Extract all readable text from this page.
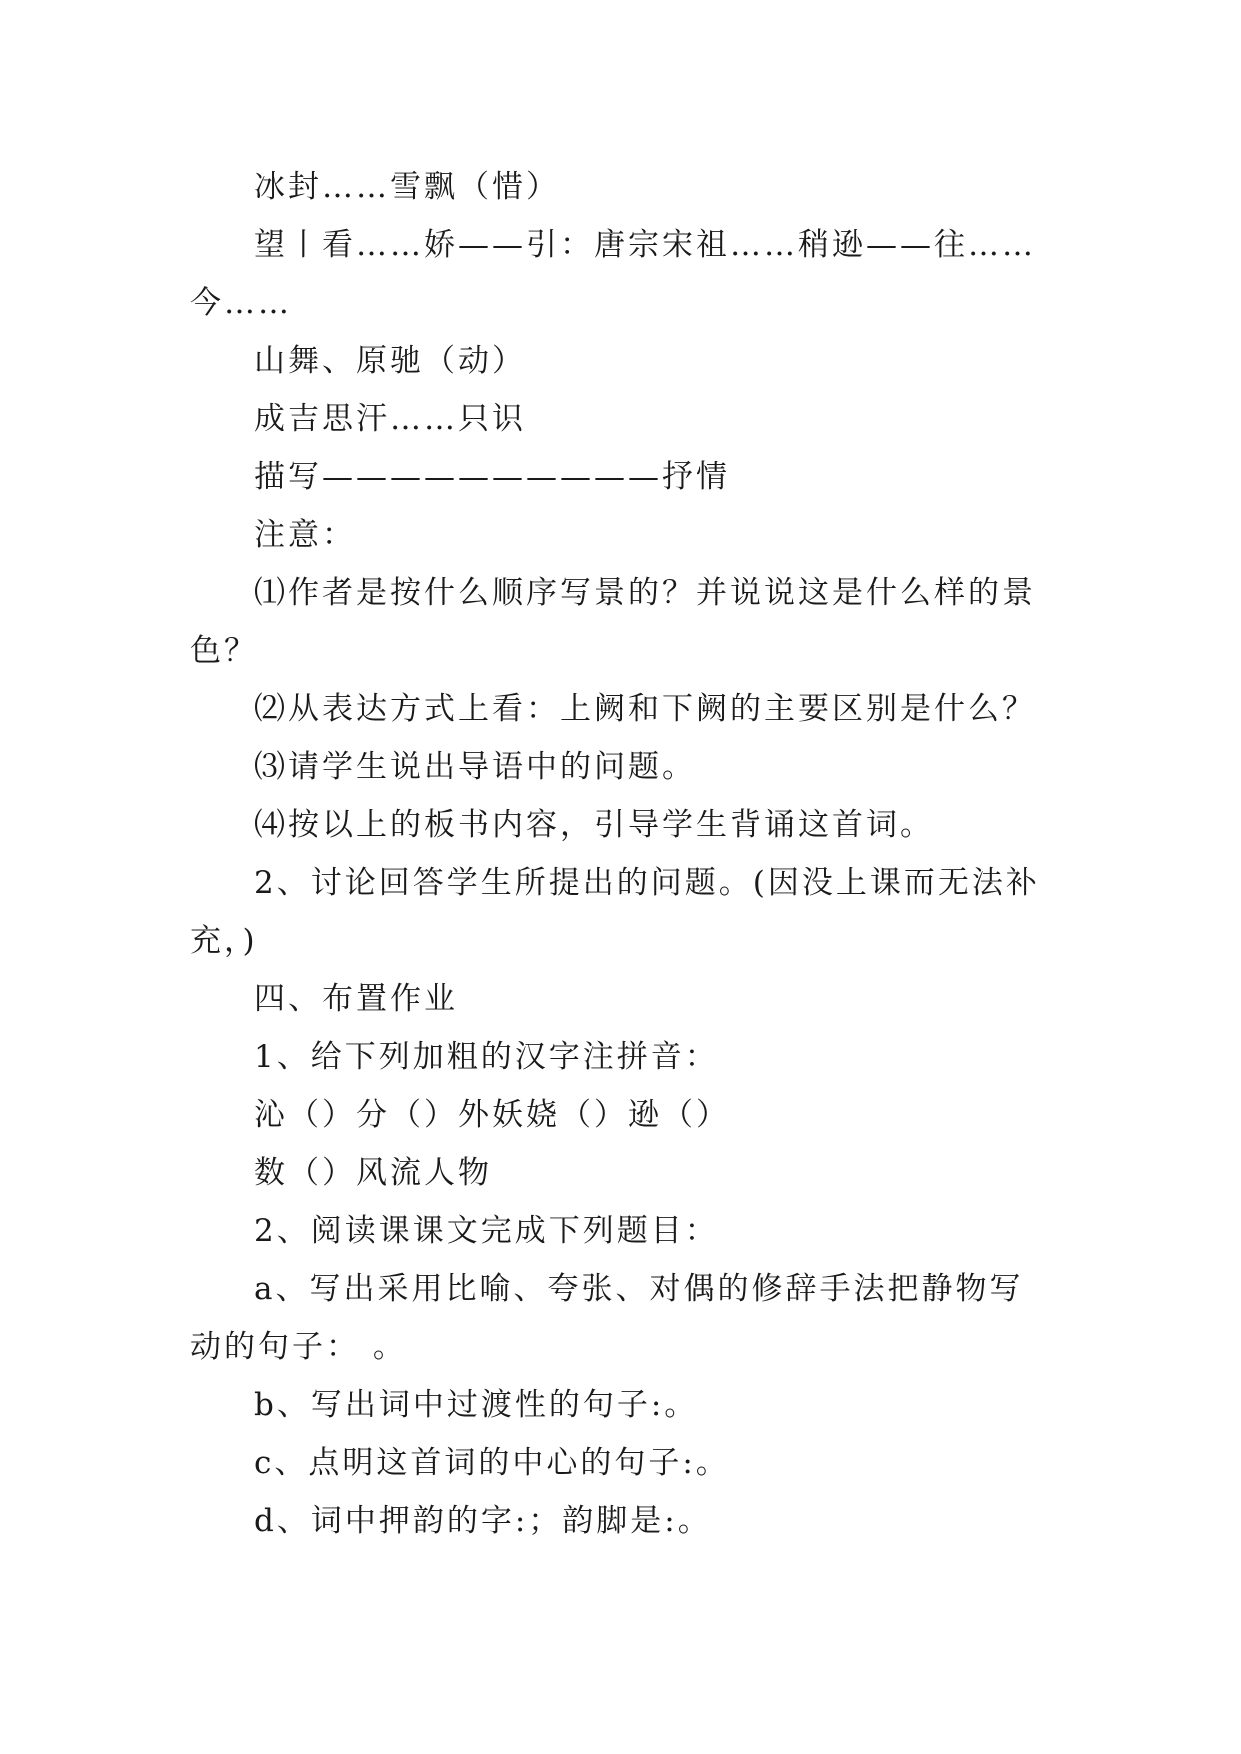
冰封……雪飘（惜）

望丨看……娇——引：唐宗宋祖……稍逊——往……今……

山舞、原驰（动）

成吉思汗……只识

描写——————————抒情

注意：

⑴作者是按什么顺序写景的？并说说这是什么样的景色？

⑵从表达方式上看：上阙和下阙的主要区别是什么？

⑶请学生说出导语中的问题。

⑷按以上的板书内容，引导学生背诵这首词。

2、讨论回答学生所提出的问题。(因没上课而无法补充，)

四、布置作业

1、给下列加粗的汉字注拼音：

沁（）分（）外妖娆（）逊（）

数（）风流人物

2、阅读课课文完成下列题目：

a、写出采用比喻、夸张、对偶的修辞手法把静物写动的句子： 。

b、写出词中过渡性的句子:。

c、点明这首词的中心的句子:。

d、词中押韵的字:；韵脚是:。
